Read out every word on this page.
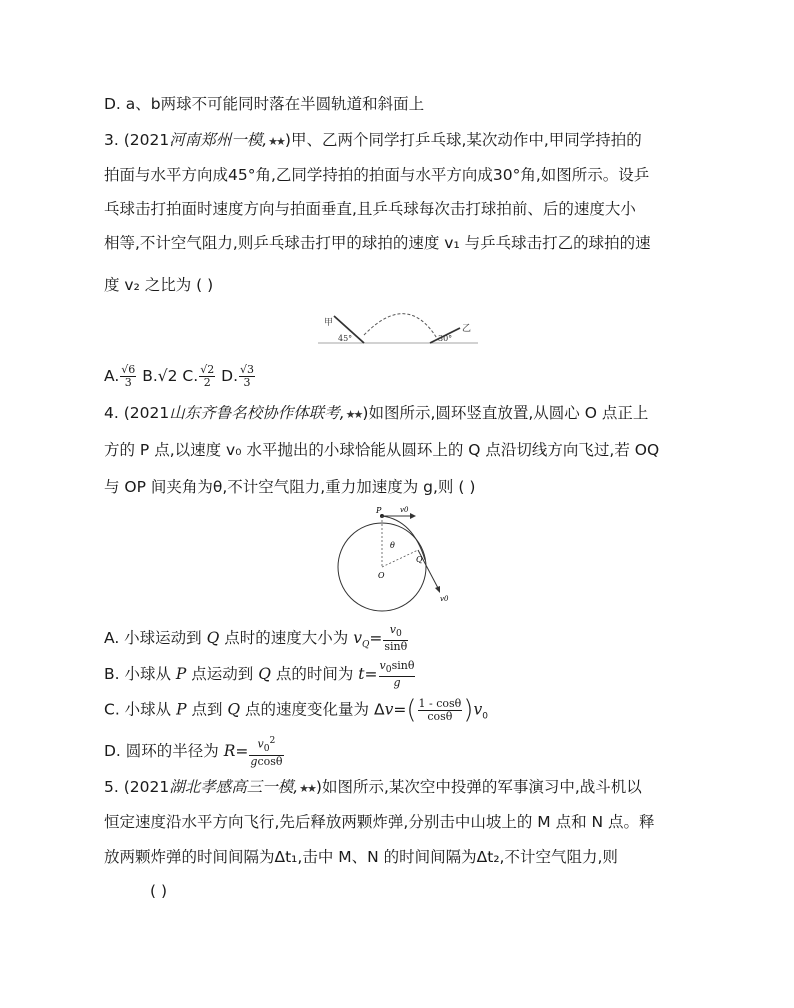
D. a、b两球不可能同时落在半圆轨道和斜面上
3. (2021河南郑州一模,★★)甲、乙两个同学打乒乓球,某次动作中,甲同学持拍的
拍面与水平方向成45°角,乙同学持拍的拍面与水平方向成30°角,如图所示。设乒
乓球击打拍面时速度方向与拍面垂直,且乒乓球每次击打球拍前、后的速度大小
相等,不计空气阻力,则乒乓球击打甲的球拍的速度 v₁ 与乒乓球击打乙的球拍的速
度 v₂ 之比为 ( )
甲
45°
乙
30°
A. $\frac{√6}{3} B.√2$ C. $\frac{√2}{2} D$. $\frac{√3}{3}$
4. (2021山东齐鲁名校协作体联考,★★)如图所示,圆环竖直放置,从圆心 O 点正上
方的 P 点,以速度 v₀ 水平抛出的小球恰能从圆环上的 Q 点沿切线方向飞过,若 OQ
与 OP 间夹角为θ,不计空气阻力,重力加速度为 g,则 ( )
P	v0
θ
O
Q
v0
A. 小球运动到 Q 点时的速度大小为 $v_Q= \frac{v_0}{\sin\theta}$
B. 小球从 P 点运动到 Q 点的时间为 $t= \frac{v_0\sin\theta}{g}$
C. 小球从 P 点到 Q 点的速度变化量为 $\Delta v=( \frac{1 - \cos\theta}{\cos\theta} )v_0$
D. 圆环的半径为 $R= \frac{v_0^2}{gcos\theta}$
5. (2021湖北孝感高三一模,★★)如图所示,某次空中投弹的军事演习中,战斗机以
恒定速度沿水平方向飞行,先后释放两颗炸弹,分别击中山坡上的 M 点和 N 点。释
放两颗炸弹的时间间隔为Δt₁,击中 M、N 的时间间隔为Δt₂,不计空气阻力,则
( )
